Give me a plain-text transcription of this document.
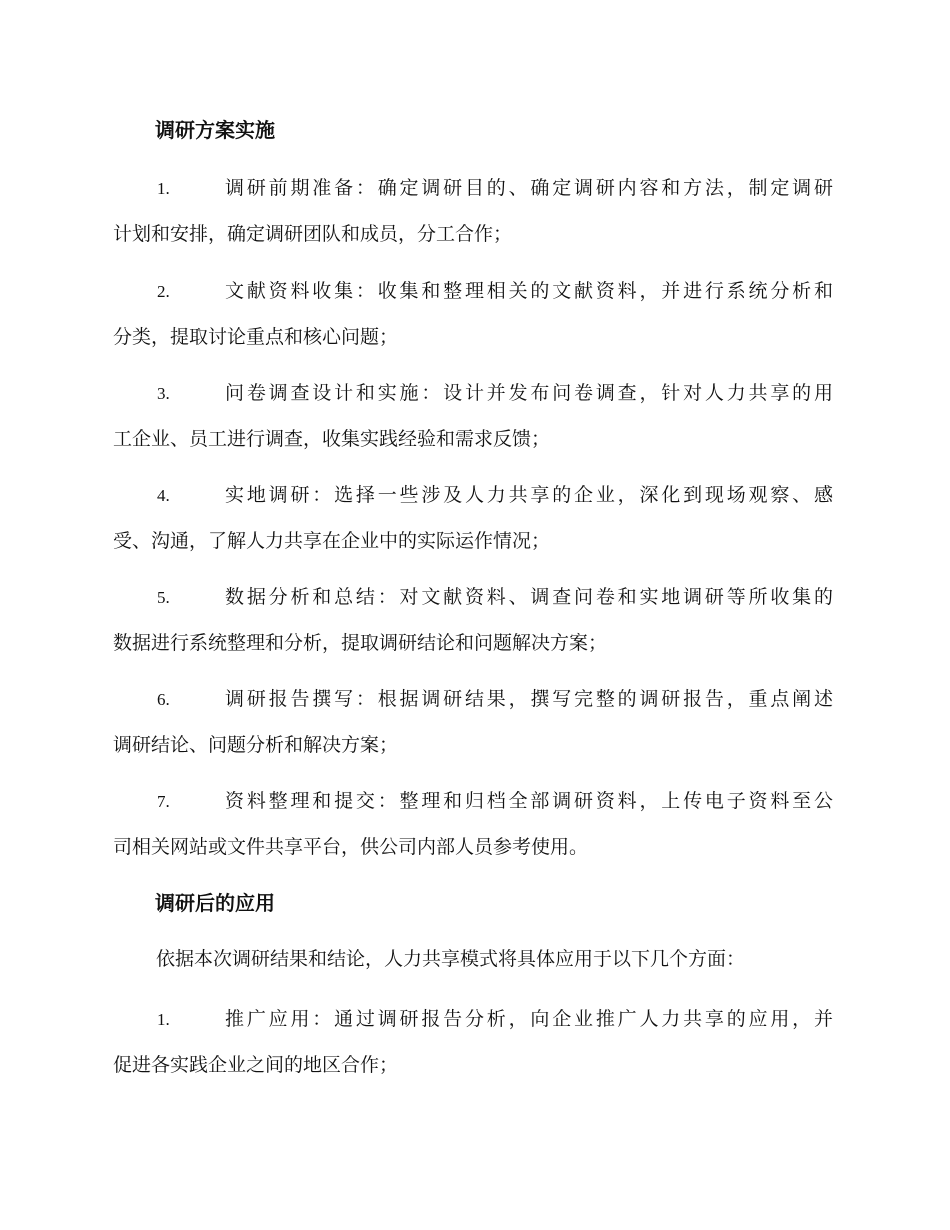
调研方案实施
1.	调研前期准备：确定调研目的、确定调研内容和方法，制定调研
计划和安排，确定调研团队和成员，分工合作；
2.	文献资料收集：收集和整理相关的文献资料，并进行系统分析和
分类，提取讨论重点和核心问题；
3.	问卷调查设计和实施：设计并发布问卷调查，针对人力共享的用
工企业、员工进行调查，收集实践经验和需求反馈；
4.	实地调研：选择一些涉及人力共享的企业，深化到现场观察、感
受、沟通，了解人力共享在企业中的实际运作情况；
5.	数据分析和总结：对文献资料、调查问卷和实地调研等所收集的
数据进行系统整理和分析，提取调研结论和问题解决方案；
6.	调研报告撰写：根据调研结果，撰写完整的调研报告，重点阐述
调研结论、问题分析和解决方案；
7.	资料整理和提交：整理和归档全部调研资料，上传电子资料至公
司相关网站或文件共享平台，供公司内部人员参考使用。
调研后的应用
依据本次调研结果和结论，人力共享模式将具体应用于以下几个方面：
1.	推广应用：通过调研报告分析，向企业推广人力共享的应用，并
促进各实践企业之间的地区合作；
